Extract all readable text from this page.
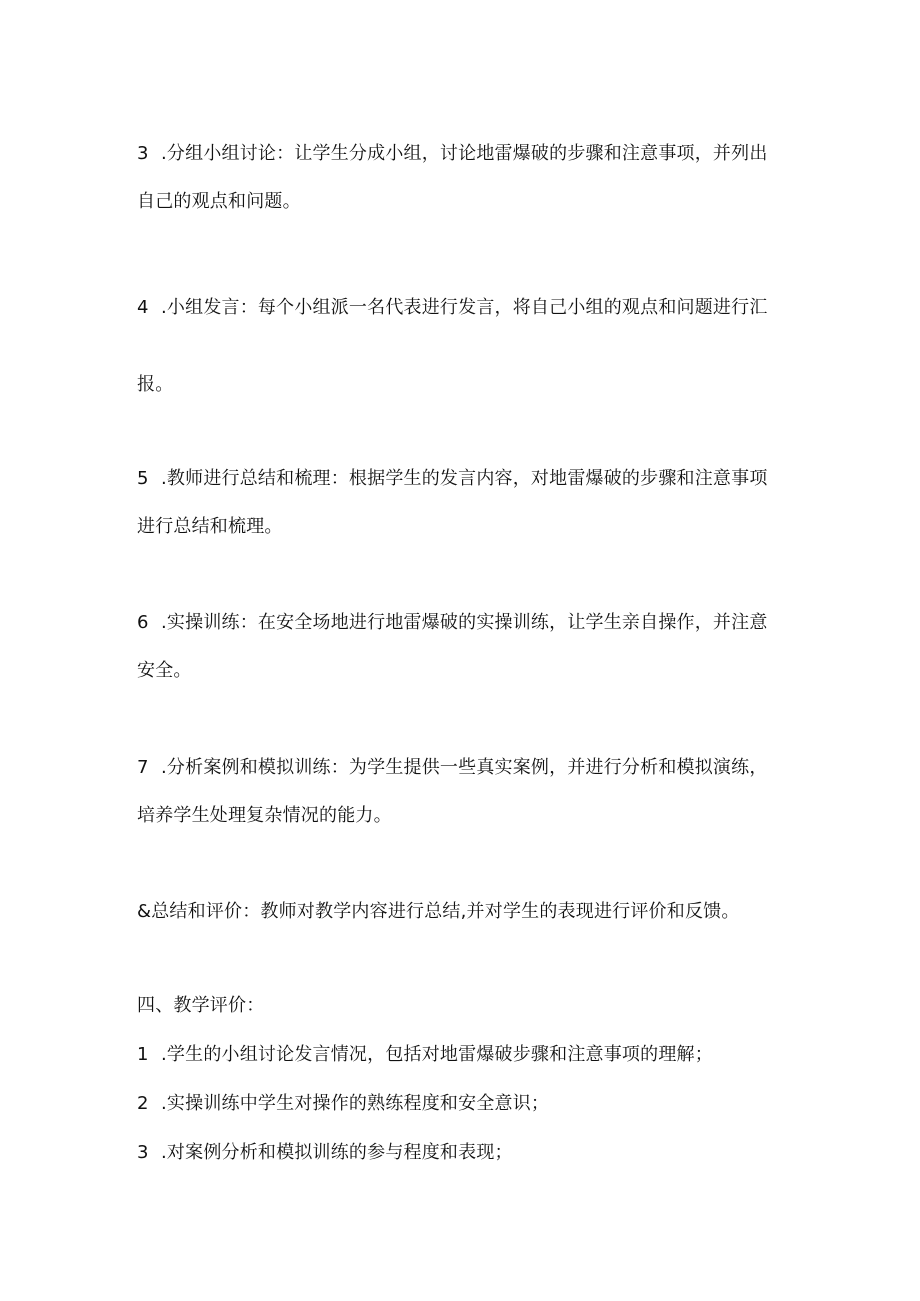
3 .分组小组讨论：让学生分成小组，讨论地雷爆破的步骤和注意事项，并列出
自己的观点和问题。
4 .小组发言：每个小组派一名代表进行发言，将自己小组的观点和问题进行汇
报。
5 .教师进行总结和梳理：根据学生的发言内容，对地雷爆破的步骤和注意事项
进行总结和梳理。
6 .实操训练：在安全场地进行地雷爆破的实操训练，让学生亲自操作，并注意
安全。
7 .分析案例和模拟训练：为学生提供一些真实案例，并进行分析和模拟演练，
培养学生处理复杂情况的能力。
&总结和评价：教师对教学内容进行总结,并对学生的表现进行评价和反馈。
四、教学评价：
1 .学生的小组讨论发言情况，包括对地雷爆破步骤和注意事项的理解；
2 .实操训练中学生对操作的熟练程度和安全意识；
3 .对案例分析和模拟训练的参与程度和表现；
